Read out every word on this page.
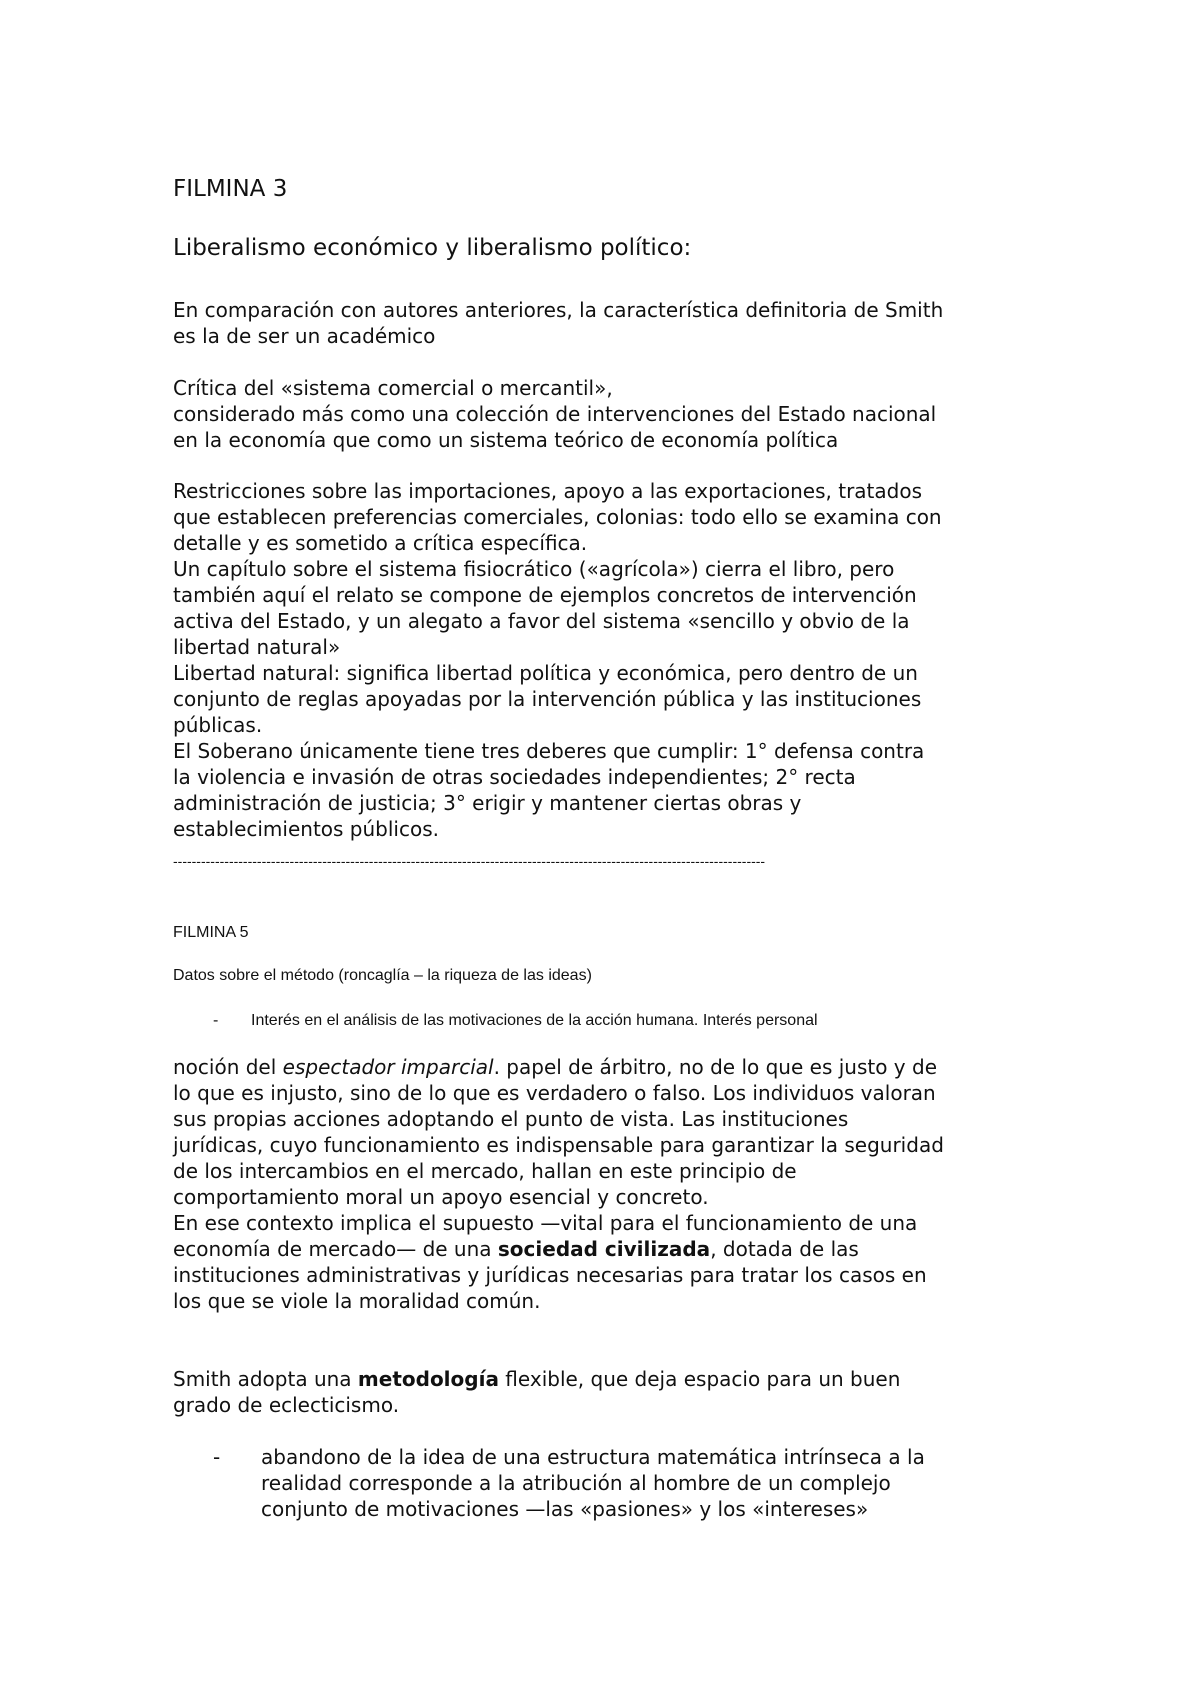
FILMINA 3
Liberalismo económico y liberalismo político:
En comparación con autores anteriores, la característica definitoria de Smith
es la de ser un académico
Crítica del «sistema comercial o mercantil»,
considerado más como una colección de intervenciones del Estado nacional
en la economía que como un sistema teórico de economía política
Restricciones sobre las importaciones, apoyo a las exportaciones, tratados
que establecen preferencias comerciales, colonias: todo ello se examina con
detalle y es sometido a crítica específica.
Un capítulo sobre el sistema fisiocrático («agrícola») cierra el libro, pero
también aquí el relato se compone de ejemplos concretos de intervención
activa del Estado, y un alegato a favor del sistema «sencillo y obvio de la
libertad natural»
Libertad natural: significa libertad política y económica, pero dentro de un
conjunto de reglas apoyadas por la intervención pública y las instituciones
públicas.
El Soberano únicamente tiene tres deberes que cumplir: 1° defensa contra
la violencia e invasión de otras sociedades independientes; 2° recta
administración de justicia; 3° erigir y mantener ciertas obras y
establecimientos públicos.
-------------------------------------------------------------------------------------------------------------------------------
FILMINA 5
Datos sobre el método (roncaglía – la riqueza de las ideas)
-	Interés en el análisis de las motivaciones de la acción humana. Interés personal
noción del espectador imparcial. papel de árbitro, no de lo que es justo y de
lo que es injusto, sino de lo que es verdadero o falso. Los individuos valoran
sus propias acciones adoptando el punto de vista. Las instituciones
jurídicas, cuyo funcionamiento es indispensable para garantizar la seguridad
de los intercambios en el mercado, hallan en este principio de
comportamiento moral un apoyo esencial y concreto.
En ese contexto implica el supuesto —vital para el funcionamiento de una
economía de mercado— de una sociedad civilizada, dotada de las
instituciones administrativas y jurídicas necesarias para tratar los casos en
los que se viole la moralidad común.
Smith adopta una metodología flexible, que deja espacio para un buen
grado de eclecticismo.
-	abandono de la idea de una estructura matemática intrínseca a la
realidad corresponde a la atribución al hombre de un complejo
conjunto de motivaciones —las «pasiones» y los «intereses»
